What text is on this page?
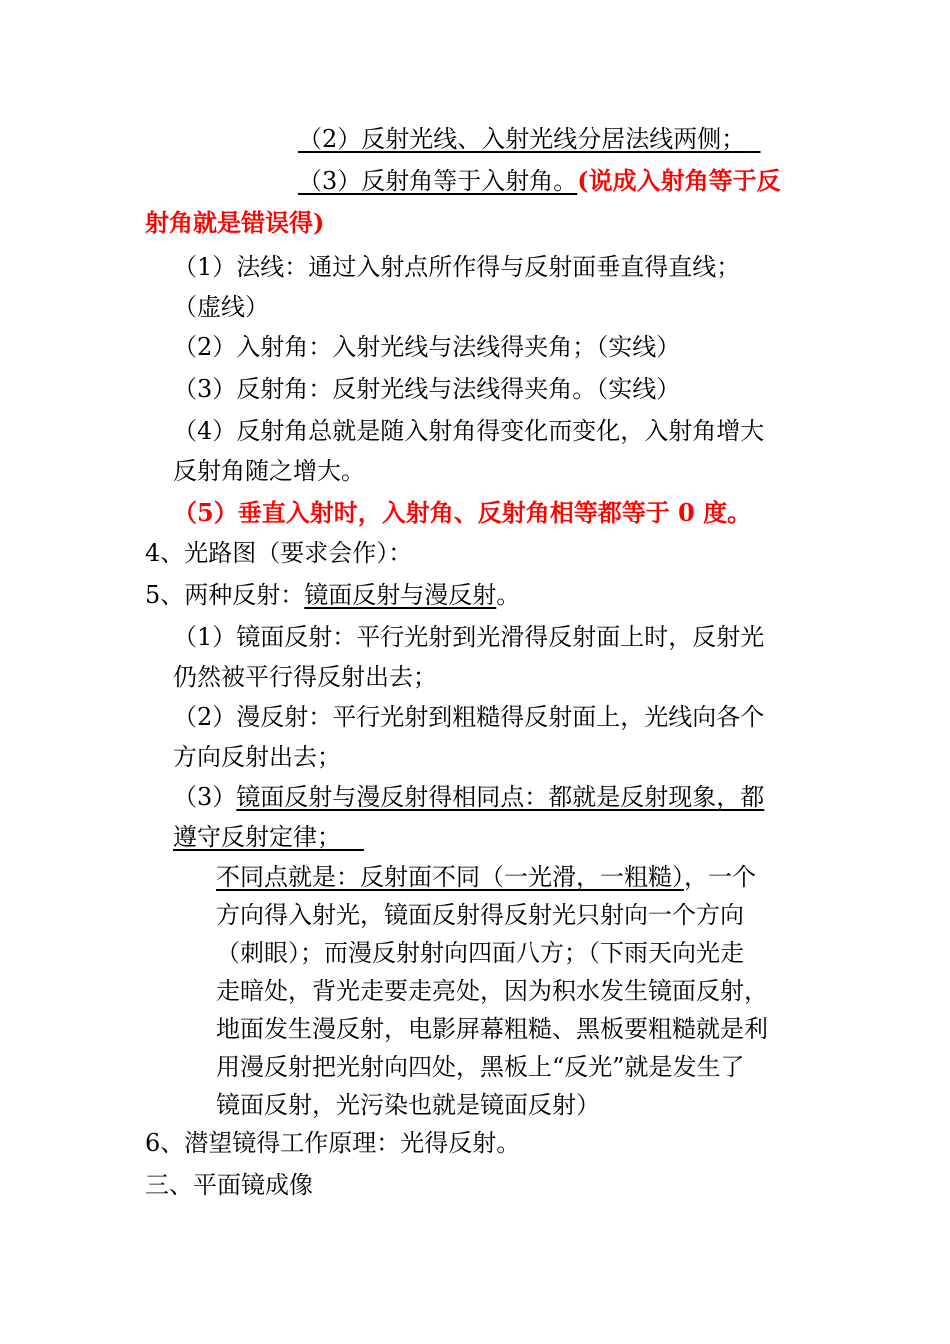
（2）反射光线、入射光线分居法线两侧；
（3）反射角等于入射角。(说成入射角等于反
射角就是错误得)
（1）法线：通过入射点所作得与反射面垂直得直线；
（虚线）
（2）入射角：入射光线与法线得夹角；（实线）
（3）反射角：反射光线与法线得夹角。（实线）
（4）反射角总就是随入射角得变化而变化，入射角增大
反射角随之增大。
（5）垂直入射时，入射角、反射角相等都等于 0 度。
4、光路图（要求会作）：
5、两种反射：镜面反射与漫反射。
（1）镜面反射：平行光射到光滑得反射面上时，反射光
仍然被平行得反射出去；
（2）漫反射：平行光射到粗糙得反射面上，光线向各个
方向反射出去；
（3）镜面反射与漫反射得相同点：都就是反射现象，都
遵守反射定律；
不同点就是：反射面不同（一光滑，一粗糙），一个
方向得入射光，镜面反射得反射光只射向一个方向
（刺眼）；而漫反射射向四面八方；（下雨天向光走
走暗处，背光走要走亮处，因为积水发生镜面反射，
地面发生漫反射，电影屏幕粗糙、黑板要粗糙就是利
用漫反射把光射向四处，黑板上“反光”就是发生了
镜面反射，光污染也就是镜面反射）
6、潜望镜得工作原理：光得反射。
三、平面镜成像
